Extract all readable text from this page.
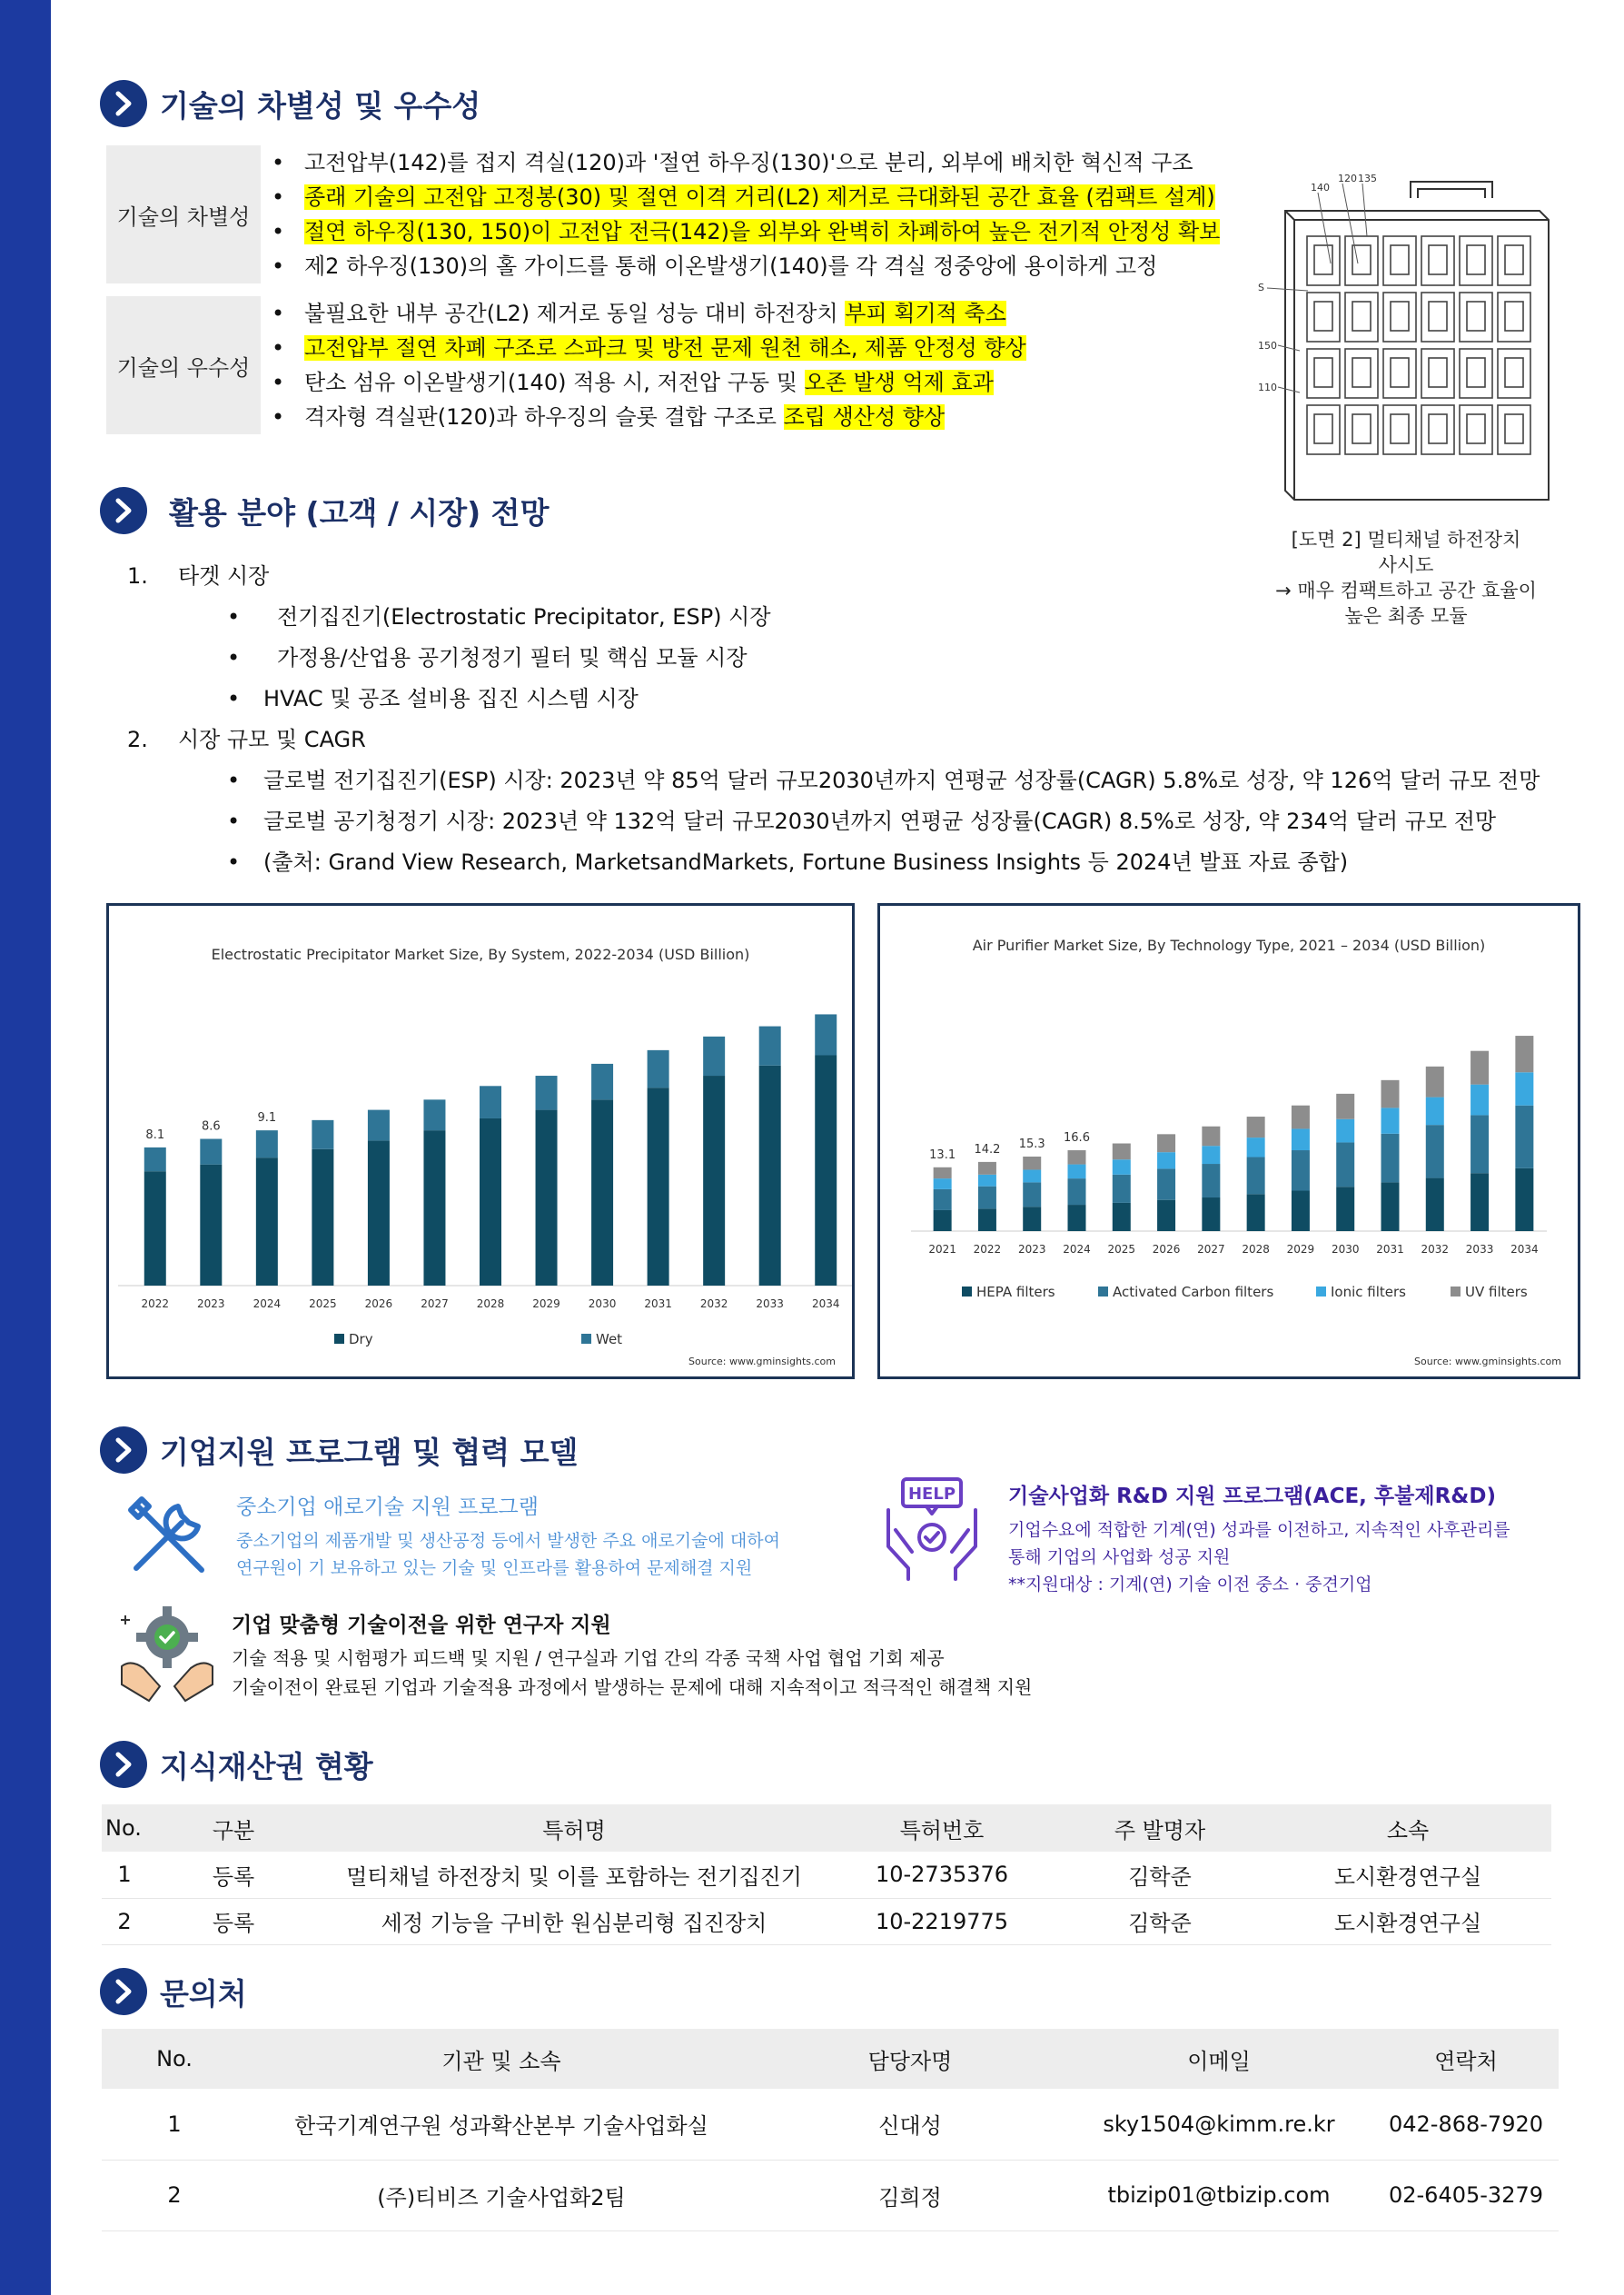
기술의 차별성 및 우수성
기술의 차별성
• 고전압부(142)를 접지 격실(120)과 '절연 하우징(130)'으로 분리, 외부에 배치한 혁신적 구조
• 종래 기술의 고전압 고정봉(30) 및 절연 이격 거리(L2) 제거로 극대화된 공간 효율 (컴팩트 설계)
• 절연 하우징(130, 150)이 고전압 전극(142)을 외부와 완벽히 차폐하여 높은 전기적 안정성 확보
• 제2 하우징(130)의 홀 가이드를 통해 이온발생기(140)를 각 격실 정중앙에 용이하게 고정
기술의 우수성
• 불필요한 내부 공간(L2) 제거로 동일 성능 대비 하전장치 부피 획기적 축소
• 고전압부 절연 차폐 구조로 스파크 및 방전 문제 원천 해소, 제품 안정성 향상
• 탄소 섬유 이온발생기(140) 적용 시, 저전압 구동 및 오존 발생 억제 효과
• 격자형 격실판(120)과 하우징의 슬롯 결합 구조로 조립 생산성 향상
140
120 135
S
150
110
[도면 2] 멀티채널 하전장치
사시도
→ 매우 컴팩트하고 공간 효율이
높은 최종 모듈
활용 분야 (고객 / 시장) 전망
1. 타겟 시장
• 전기집진기(Electrostatic Precipitator, ESP) 시장
• 가정용/산업용 공기청정기 필터 및 핵심 모듈 시장
• HVAC 및 공조 설비용 집진 시스템 시장
2. 시장 규모 및 CAGR
• 글로벌 전기집진기(ESP) 시장: 2023년 약 85억 달러 규모2030년까지 연평균 성장률(CAGR) 5.8%로 성장, 약 126억 달러 규모 전망
• 글로벌 공기청정기 시장: 2023년 약 132억 달러 규모2030년까지 연평균 성장률(CAGR) 8.5%로 성장, 약 234억 달러 규모 전망
• (출처: Grand View Research, MarketsandMarkets, Fortune Business Insights 등 2024년 발표 자료 종합)
Electrostatic Precipitator Market Size, By System, 2022-2034 (USD Billion)
8.1
2022
8.6
2023
9.1
2024	2025	2026	2027	2028	2029	2030	2031	2032	2033	2034
Dry	Wet
Source: www.gminsights.com
Air Purifier Market Size, By Technology Type, 2021 – 2034 (USD Billion)
13.1
2021
14.2
2022
15.3
2023
16.6
2024 2025 2026 2027 2028 2029 2030 2031 2032 2033 2034
HEPA filters	Activated Carbon filters	Ionic filters	UV filters
Source: www.gminsights.com
기업지원 프로그램 및 협력 모델
중소기업 애로기술 지원 프로그램
중소기업의 제품개발 및 생산공정 등에서 발생한 주요 애로기술에 대하여
연구원이 기 보유하고 있는 기술 및 인프라를 활용하여 문제해결 지원
HELP	기술사업화 R&D 지원 프로그램(ACE, 후불제R&D)
기업수요에 적합한 기계(연) 성과를 이전하고, 지속적인 사후관리를
통해 기업의 사업화 성공 지원
**지원대상 : 기계(연) 기술 이전 중소 · 중견기업
기업 맞춤형 기술이전을 위한 연구자 지원
기술 적용 및 시험평가 피드백 및 지원 / 연구실과 기업 간의 각종 국책 사업 협업 기회 제공
기술이전이 완료된 기업과 기술적용 과정에서 발생하는 문제에 대해 지속적이고 적극적인 해결책 지원
지식재산권 현황
No.	구분	특허명	특허번호	주 발명자	소속
1	등록	멀티채널 하전장치 및 이를 포함하는 전기집진기	10-2735376	김학준	도시환경연구실
2	등록	세정 기능을 구비한 원심분리형 집진장치	10-2219775	김학준	도시환경연구실
문의처
No.	기관 및 소속	담당자명	이메일	연락처
1	한국기계연구원 성과확산본부 기술사업화실	신대성	sky1504@kimm.re.kr	042-868-7920
2	(주)티비즈 기술사업화2팀	김희정	tbizip01@tbizip.com	02-6405-3279
